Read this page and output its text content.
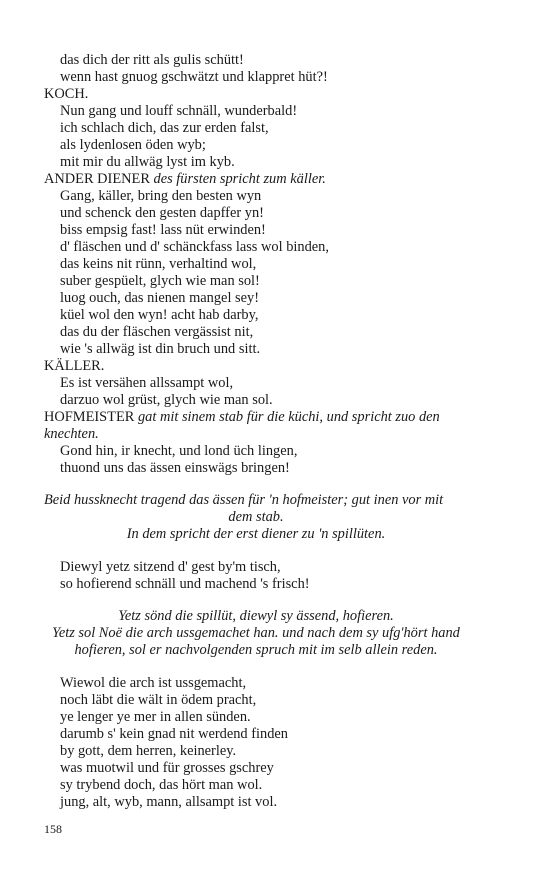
das dich der ritt als gulis schütt!
wenn hast gnuog gschwätzt und klappret hüt?!
KOCH.
Nun gang und louff schnäll, wunderbald!
ich schlach dich, das zur erden falst,
als lydenlosen öden wyb;
mit mir du allwäg lyst im kyb.
ANDER DIENER des fürsten spricht zum käller.
Gang, käller, bring den besten wyn
und schenck den gesten dapffer yn!
biss empsig fast! lass nüt erwinden!
d' fläschen und d' schänckfass lass wol binden,
das keins nit rünn, verhaltind wol,
suber gespüelt, glych wie man sol!
luog ouch, das nienen mangel sey!
küel wol den wyn! acht hab darby,
das du der fläschen vergässist nit,
wie 's allwäg ist din bruch und sitt.
KÄLLER.
Es ist versähen allssampt wol,
darzuo wol grüst, glych wie man sol.
HOFMEISTER gat mit sinem stab für die küchi, und spricht zuo den
knechten.
Gond hin, ir knecht, und lond üch lingen,
thuond uns das ässen einswägs bringen!
Beid hussknecht tragend das ässen für 'n hofmeister; gut inen vor mit
dem stab.
In dem spricht der erst diener zu 'n spillüten.
Diewyl yetz sitzend d' gest by'm tisch,
so hofierend schnäll und machend 's frisch!
Yetz sönd die spillüt, diewyl sy ässend, hofieren.
Yetz sol Noë die arch ussgemachet han. und nach dem sy ufg'hört hand
hofieren, sol er nachvolgenden spruch mit im selb allein reden.
Wiewol die arch ist ussgemacht,
noch läbt die wält in ödem pracht,
ye lenger ye mer in allen sünden.
darumb s' kein gnad nit werdend finden
by gott, dem herren, keinerley.
was muotwil und für grosses gschrey
sy trybend doch, das hört man wol.
jung, alt, wyb, mann, allsampt ist vol.
158
